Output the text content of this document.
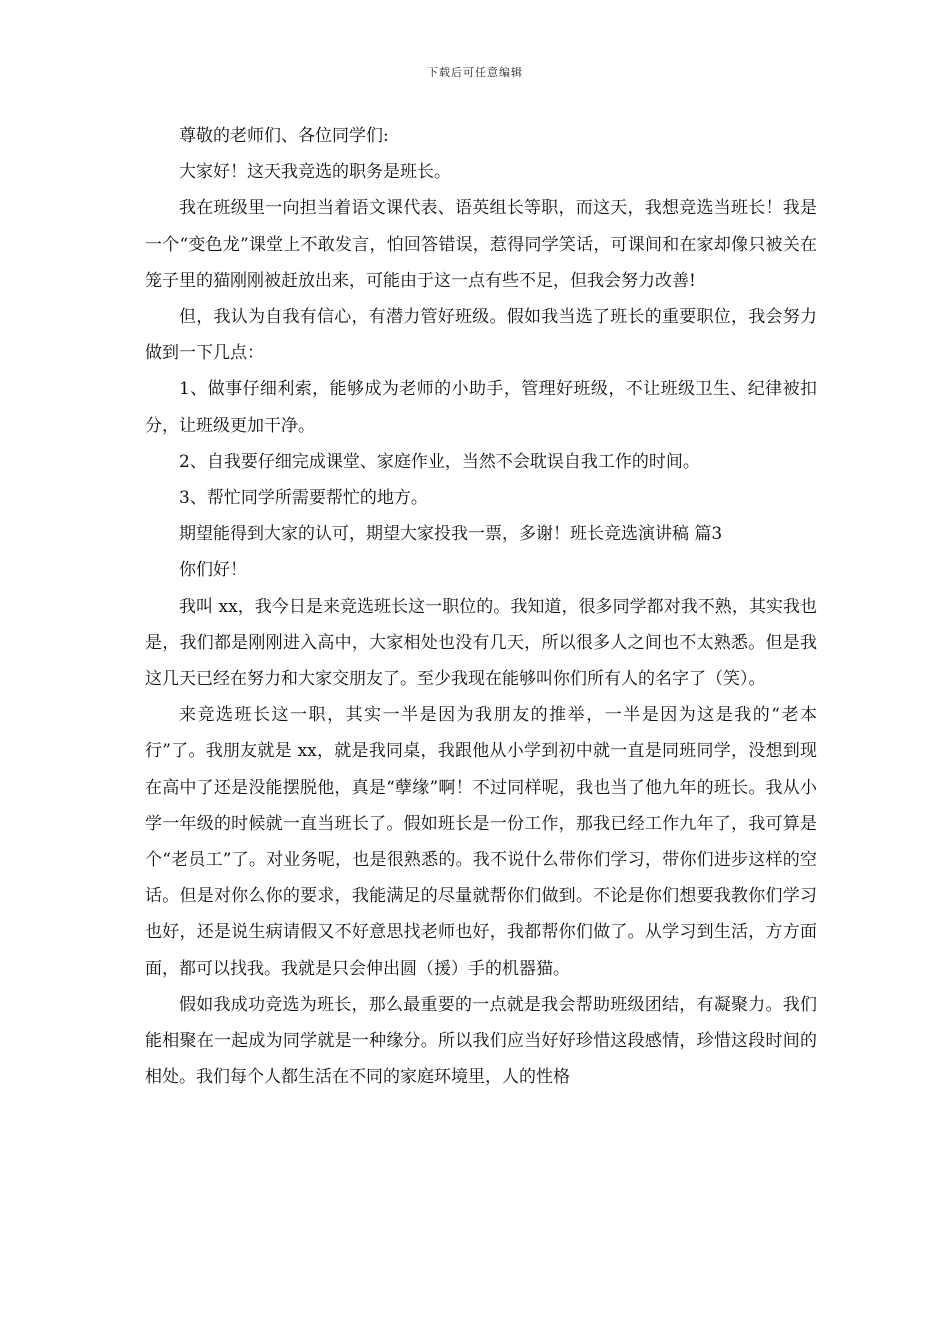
下载后可任意编辑

尊敬的老师们、各位同学们:

大家好！这天我竞选的职务是班长。

我在班级里一向担当着语文课代表、语英组长等职，而这天，我想竞选当班长！我是一个“变色龙”课堂上不敢发言，怕回答错误，惹得同学笑话，可课间和在家却像只被关在笼子里的猫刚刚被赶放出来，可能由于这一点有些不足，但我会努力改善!

但，我认为自我有信心，有潜力管好班级。假如我当选了班长的重要职位，我会努力做到一下几点：

1、做事仔细利索，能够成为老师的小助手，管理好班级，不让班级卫生、纪律被扣分，让班级更加干净。

2、自我要仔细完成课堂、家庭作业，当然不会耽误自我工作的时间。

3、帮忙同学所需要帮忙的地方。

期望能得到大家的认可，期望大家投我一票，多谢！班长竞选演讲稿 篇3

你们好！

我叫 xx，我今日是来竞选班长这一职位的。我知道，很多同学都对我不熟，其实我也是，我们都是刚刚进入高中，大家相处也没有几天，所以很多人之间也不太熟悉。但是我这几天已经在努力和大家交朋友了。至少我现在能够叫你们所有人的名字了（笑）。

来竞选班长这一职，其实一半是因为我朋友的推举，一半是因为这是我的“老本行”了。我朋友就是 xx，就是我同桌，我跟他从小学到初中就一直是同班同学，没想到现在高中了还是没能摆脱他，真是“孽缘”啊！不过同样呢，我也当了他九年的班长。我从小学一年级的时候就一直当班长了。假如班长是一份工作，那我已经工作九年了，我可算是个“老员工”了。对业务呢，也是很熟悉的。我不说什么带你们学习，带你们进步这样的空话。但是对你么你的要求，我能满足的尽量就帮你们做到。不论是你们想要我教你们学习也好，还是说生病请假又不好意思找老师也好，我都帮你们做了。从学习到生活，方方面面，都可以找我。我就是只会伸出圆（援）手的机器猫。

假如我成功竞选为班长，那么最重要的一点就是我会帮助班级团结，有凝聚力。我们能相聚在一起成为同学就是一种缘分。所以我们应当好好珍惜这段感情，珍惜这段时间的相处。我们每个人都生活在不同的家庭环境里，人的性格
